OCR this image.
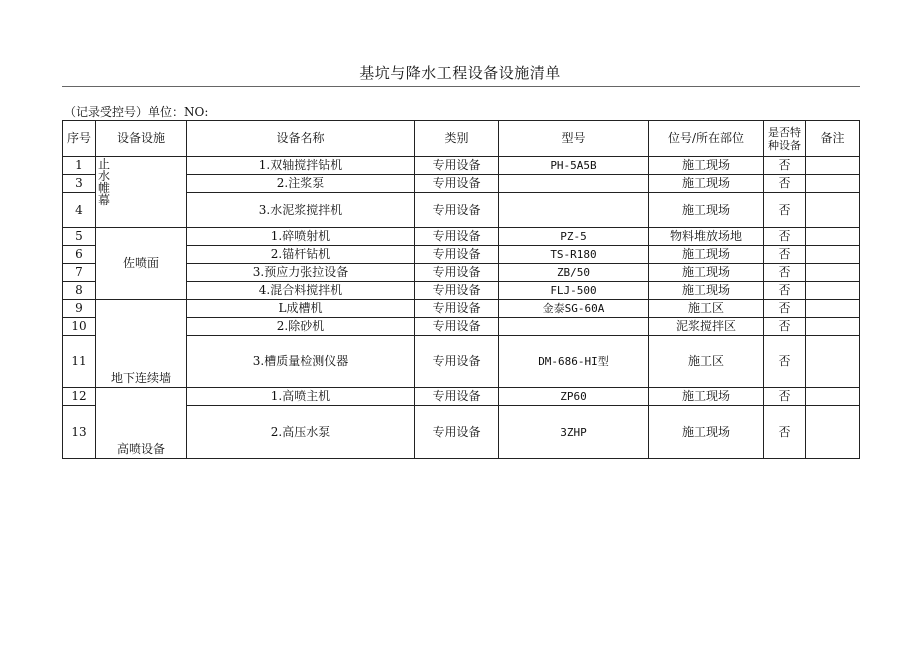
基坑与降水工程设备设施清单
（记录受控号）单位：NO:
序号	设备设施	设备名称	类别	型号	位号/所在部位	是否特种设备	备注
1	止水帷幕	1.双轴搅拌钻机	专用设备	PH-5A5B	施工现场	否	
3		2.注浆泵	专用设备		施工现场	否	
4		3.水泥浆搅拌机	专用设备		施工现场	否	
5	佐喷面	1.碎喷射机	专用设备	PZ-5	物料堆放场地	否	
6		2.锚杆钻机	专用设备	TS-R180	施工现场	否	
7		3.预应力张拉设备	专用设备	ZB/50	施工现场	否	
8		4.混合料搅拌机	专用设备	FLJ-500	施工现场	否	
9	地下连续墙	L成槽机	专用设备	金泰SG-60A	施工区	否	
10		2.除砂机	专用设备		泥浆搅拌区	否	
11		3.槽质量检测仪器	专用设备	DM-686-HI型	施工区	否	
12	高喷设备	1.高喷主机	专用设备	ZP60	施工现场	否	
13		2.高压水泵	专用设备	3ZHP	施工现场	否	
